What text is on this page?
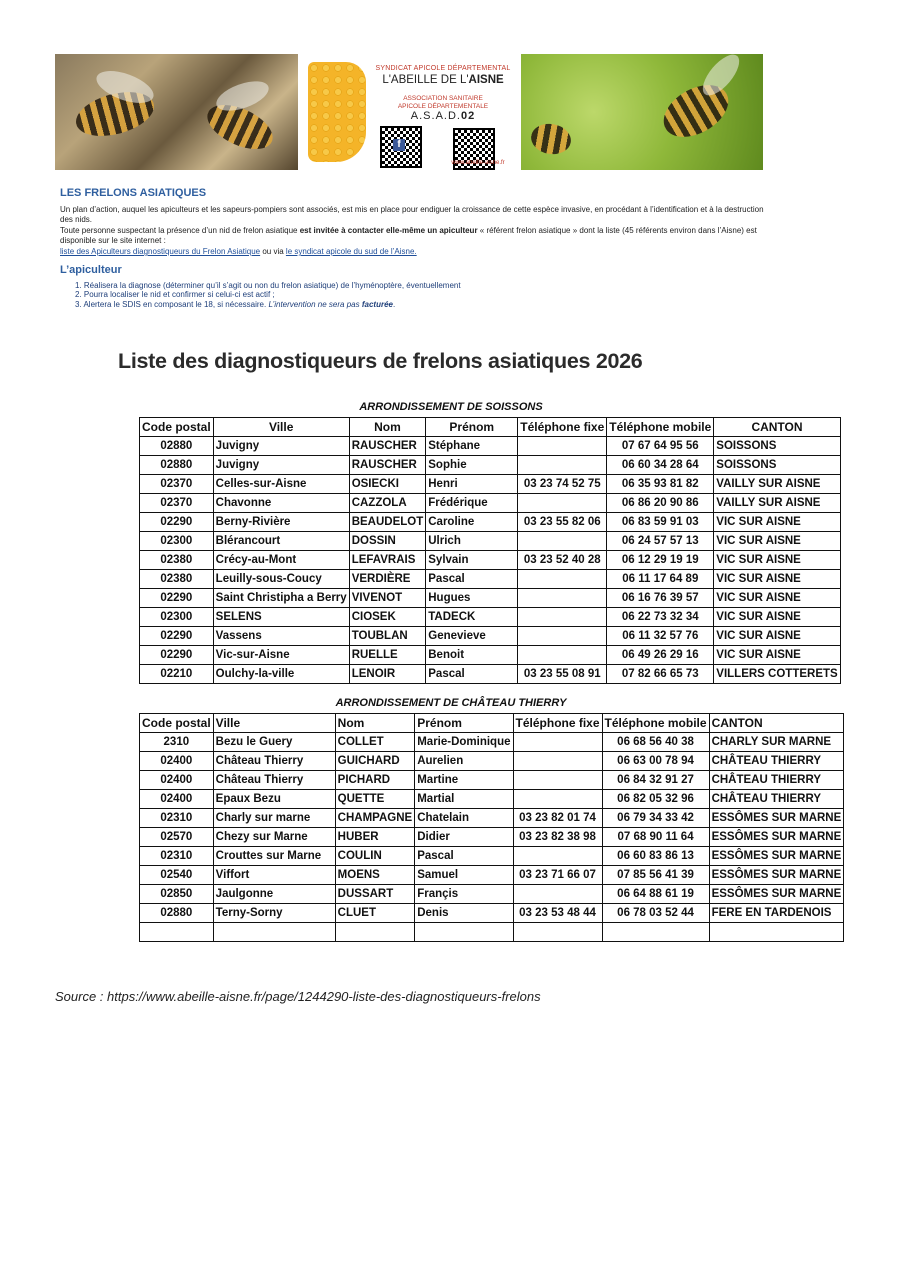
SYNDICAT APICOLE DÉPARTEMENTAL
L'ABEILLE DE L'AISNE
ASSOCIATION SANITAIRE
APICOLE DÉPARTEMENTALE
A.S.A.D.02
f
www.abeille-aisne.fr
LES FRELONS ASIATIQUES
Un plan d’action, auquel les apiculteurs et les sapeurs-pompiers sont associés, est mis en place pour endiguer la croissance de cette espèce invasive, en procédant à l’identification et à la destruction des nids.
Toute personne suspectant la présence d’un nid de frelon asiatique est invitée à contacter elle-même un apiculteur « référent frelon asiatique » dont la liste (45 référents environ dans l’Aisne) est disponible sur le site internet :
liste des Apiculteurs diagnostiqueurs du Frelon Asiatique ou via le syndicat apicole du sud de l’Aisne.
L’apiculteur
1. Réalisera la diagnose (déterminer qu’il s’agit ou non du frelon asiatique) de l’hyménoptère, éventuellement
2. Pourra localiser le nid et confirmer si celui-ci est actif ;
3. Alertera le SDIS en composant le 18, si nécessaire. L’intervention ne sera pas facturée.
Liste des diagnostiqueurs de frelons asiatiques 2026
ARRONDISSEMENT DE SOISSONS
Code postal	Ville	Nom	Prénom	Téléphone fixe	Téléphone mobile	CANTON
02880	Juvigny	RAUSCHER	Stéphane		07 67 64 95 56	SOISSONS
02880	Juvigny	RAUSCHER	Sophie		06 60 34 28 64	SOISSONS
02370	Celles-sur-Aisne	OSIECKI	Henri	03 23 74 52 75	06 35 93 81 82	VAILLY SUR AISNE
02370	Chavonne	CAZZOLA	Frédérique		06 86 20 90 86	VAILLY SUR AISNE
02290	Berny-Rivière	BEAUDELOT	Caroline	03 23 55 82 06	06 83 59 91 03	VIC SUR AISNE
02300	Blérancourt	DOSSIN	Ulrich		06 24 57 57 13	VIC SUR AISNE
02380	Crécy-au-Mont	LEFAVRAIS	Sylvain	03 23 52 40 28	06 12 29 19 19	VIC SUR AISNE
02380	Leuilly-sous-Coucy	VERDIÈRE	Pascal		06 11 17 64 89	VIC SUR AISNE
02290	Saint Christipha a Berry	VIVENOT	Hugues		06 16 76 39 57	VIC SUR AISNE
02300	SELENS	CIOSEK	TADECK		06 22 73 32 34	VIC SUR AISNE
02290	Vassens	TOUBLAN	Genevieve		06 11 32 57 76	VIC SUR AISNE
02290	Vic-sur-Aisne	RUELLE	Benoit		06 49 26 29 16	VIC SUR AISNE
02210	Oulchy-la-ville	LENOIR	Pascal	03 23 55 08 91	07 82 66 65 73	VILLERS COTTERETS
ARRONDISSEMENT DE CHÂTEAU THIERRY
Code postal	Ville	Nom	Prénom	Téléphone fixe	Téléphone mobile	CANTON
2310	Bezu le Guery	COLLET	Marie-Dominique		06 68 56 40 38	CHARLY SUR MARNE
02400	Château Thierry	GUICHARD	Aurelien		06 63 00 78 94	CHÂTEAU THIERRY
02400	Château Thierry	PICHARD	Martine		06 84 32 91 27	CHÂTEAU THIERRY
02400	Epaux Bezu	QUETTE	Martial		06 82 05 32 96	CHÂTEAU THIERRY
02310	Charly sur marne	CHAMPAGNE	Chatelain	03 23 82 01 74	06 79 34 33 42	ESSÔMES SUR MARNE
02570	Chezy sur Marne	HUBER	Didier	03 23 82 38 98	07 68 90 11 64	ESSÔMES SUR MARNE
02310	Crouttes sur Marne	COULIN	Pascal		06 60 83 86 13	ESSÔMES SUR MARNE
02540	Viffort	MOENS	Samuel	03 23 71 66 07	07 85 56 41 39	ESSÔMES SUR MARNE
02850	Jaulgonne	DUSSART	Françis		06 64 88 61 19	ESSÔMES SUR MARNE
02880	Terny-Sorny	CLUET	Denis	03 23 53 48 44	06 78 03 52 44	FERE EN TARDENOIS

Source : https://www.abeille-aisne.fr/page/1244290-liste-des-diagnostiqueurs-frelons
